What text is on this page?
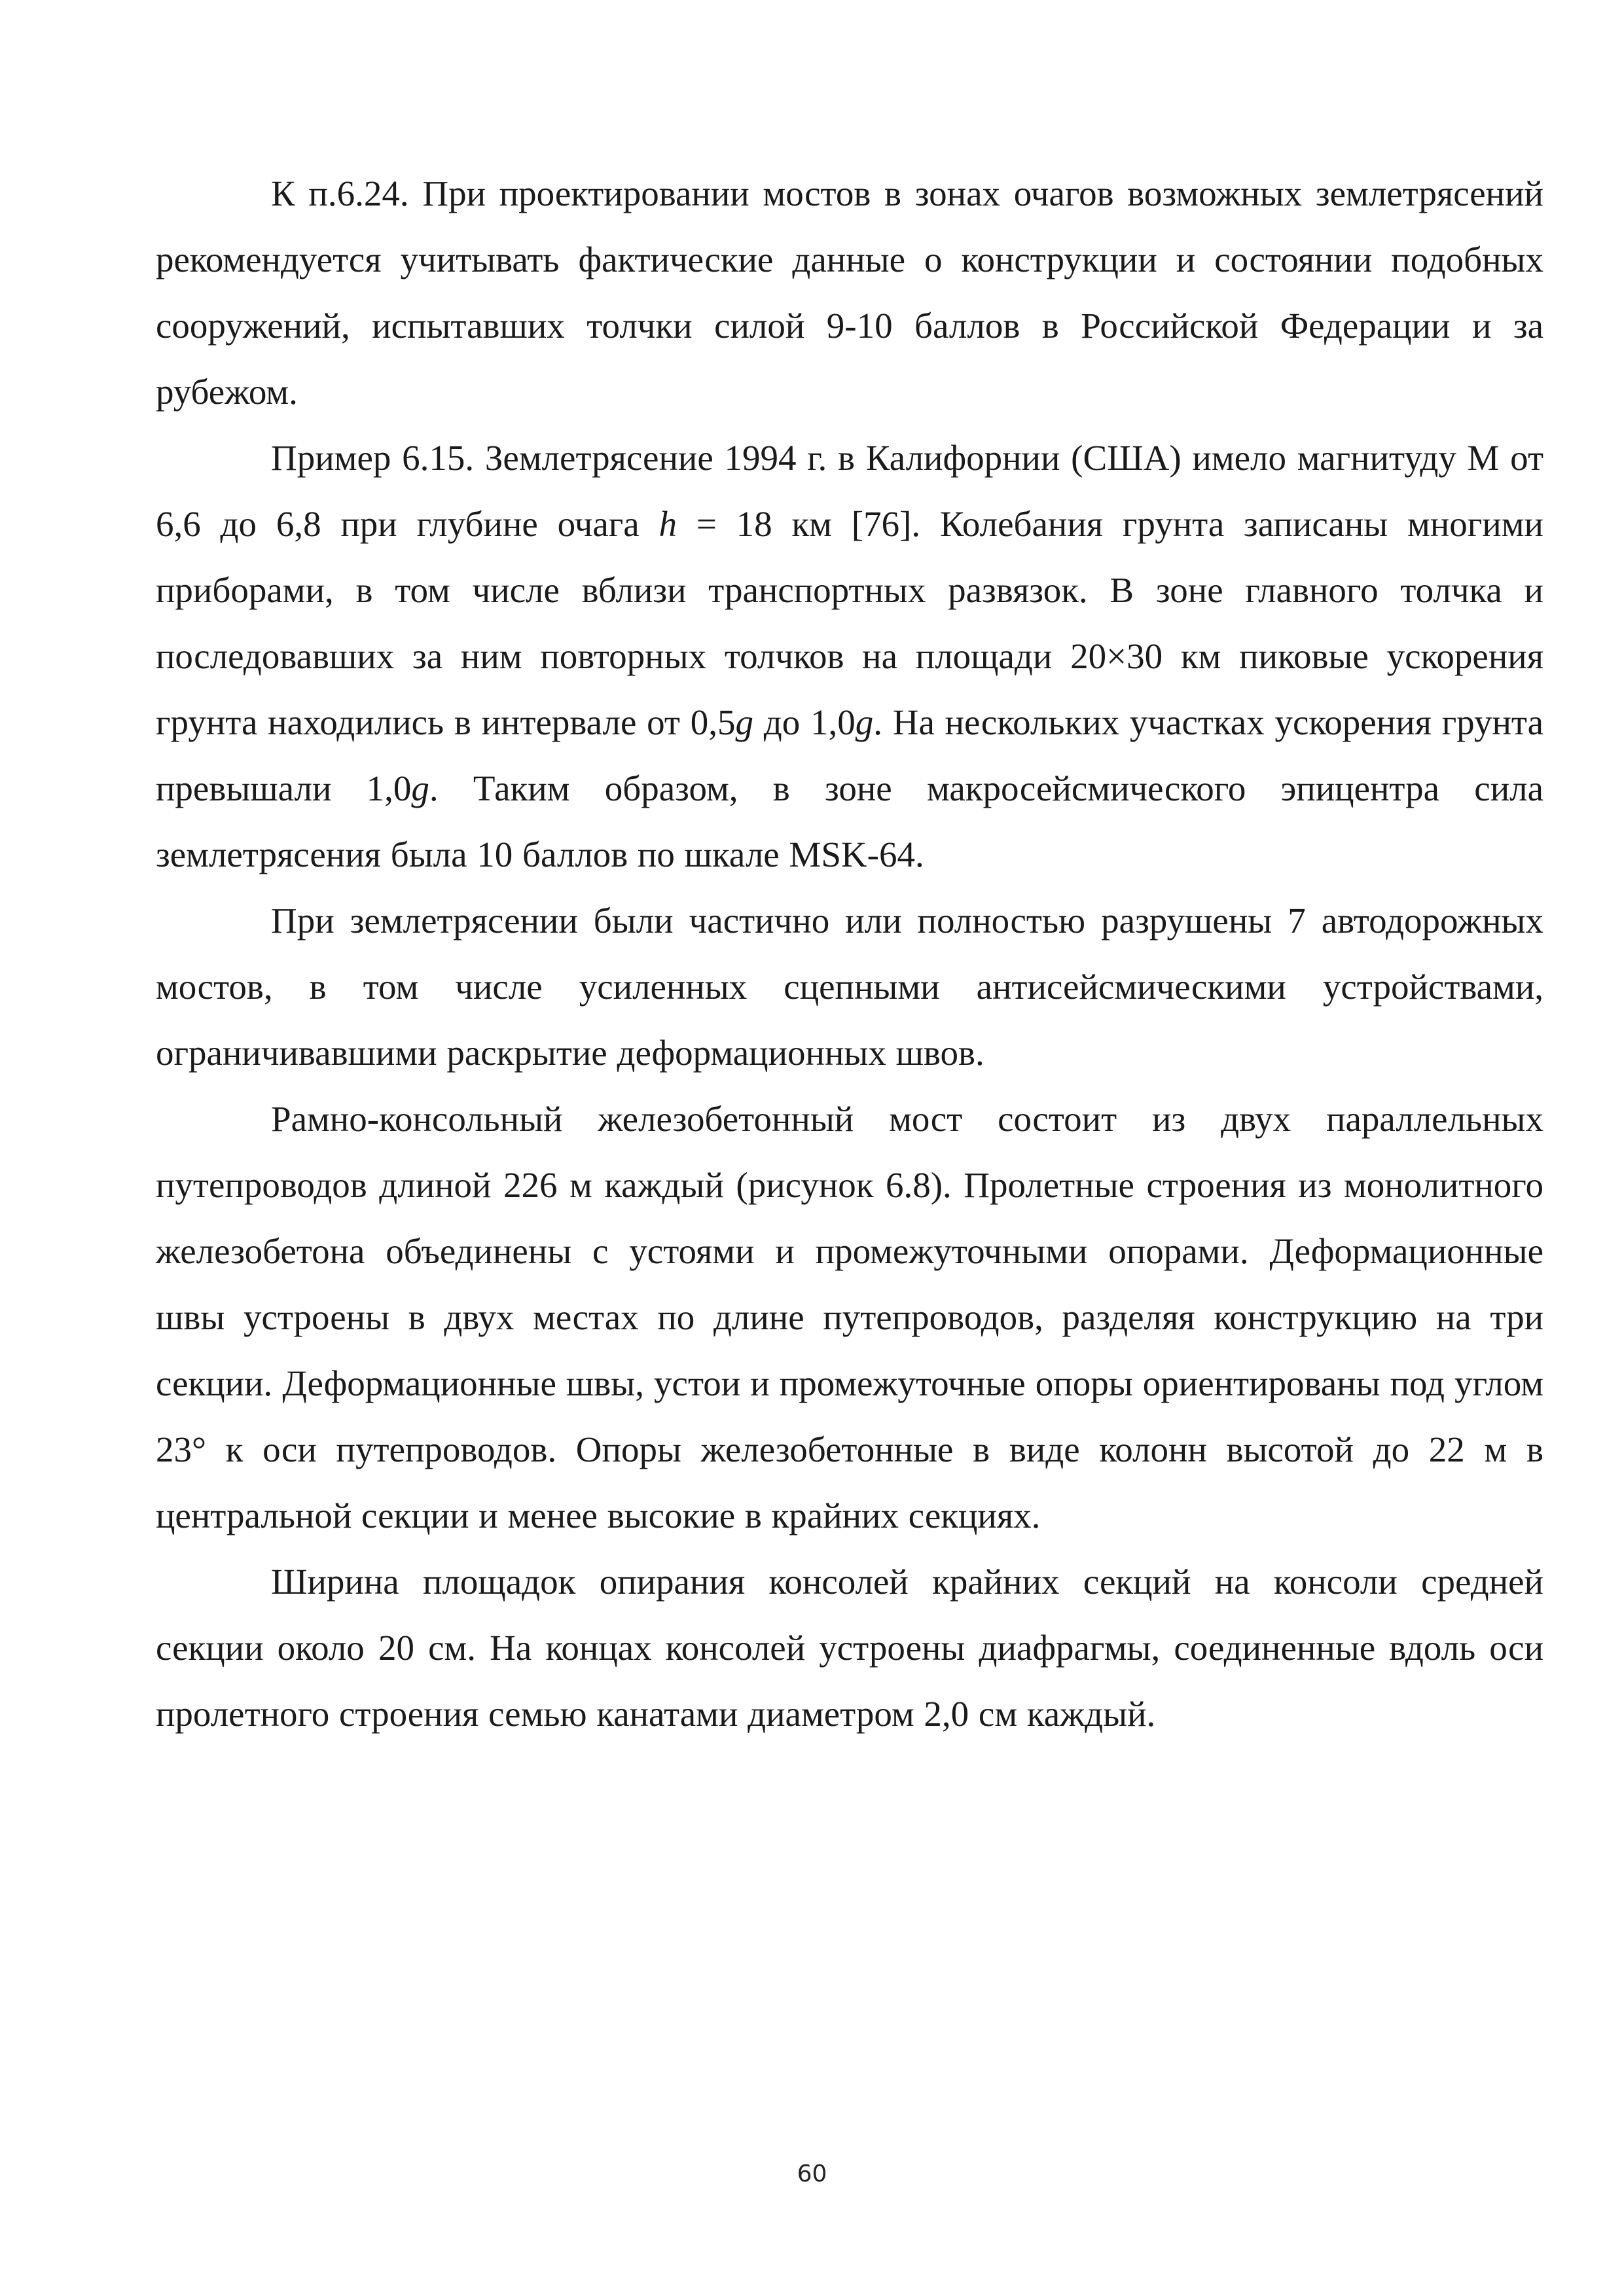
К п.6.24. При проектировании мостов в зонах очагов возможных землетрясений рекомендуется учитывать фактические данные о конструкции и состоянии подобных сооружений, испытавших толчки силой 9-10 баллов в Российской Федерации и за рубежом.

Пример 6.15. Землетрясение 1994 г. в Калифорнии (США) имело магнитуду М от 6,6 до 6,8 при глубине очага h = 18 км [76]. Колебания грунта записаны многими приборами, в том числе вблизи транспортных развязок. В зоне главного толчка и последовавших за ним повторных толчков на площади 20×30 км пиковые ускорения грунта находились в интервале от 0,5g до 1,0g. На нескольких участках ускорения грунта превышали 1,0g. Таким образом, в зоне макросейсмического эпицентра сила землетрясения была 10 баллов по шкале MSK-64.

При землетрясении были частично или полностью разрушены 7 автодорожных мостов, в том числе усиленных сцепными антисейсмическими устройствами, ограничивавшими раскрытие деформационных швов.

Рамно-консольный железобетонный мост состоит из двух параллельных путепроводов длиной 226 м каждый (рисунок 6.8). Пролетные строения из монолитного железобетона объединены с устоями и промежуточными опорами. Деформационные швы устроены в двух местах по длине путепроводов, разделяя конструкцию на три секции. Деформационные швы, устои и промежуточные опоры ориентированы под углом 23° к оси путепроводов. Опоры железобетонные в виде колонн высотой до 22 м в центральной секции и менее высокие в крайних секциях.

Ширина площадок опирания консолей крайних секций на консоли средней секции около 20 см. На концах консолей устроены диафрагмы, соединенные вдоль оси пролетного строения семью канатами диаметром 2,0 см каждый.

60
